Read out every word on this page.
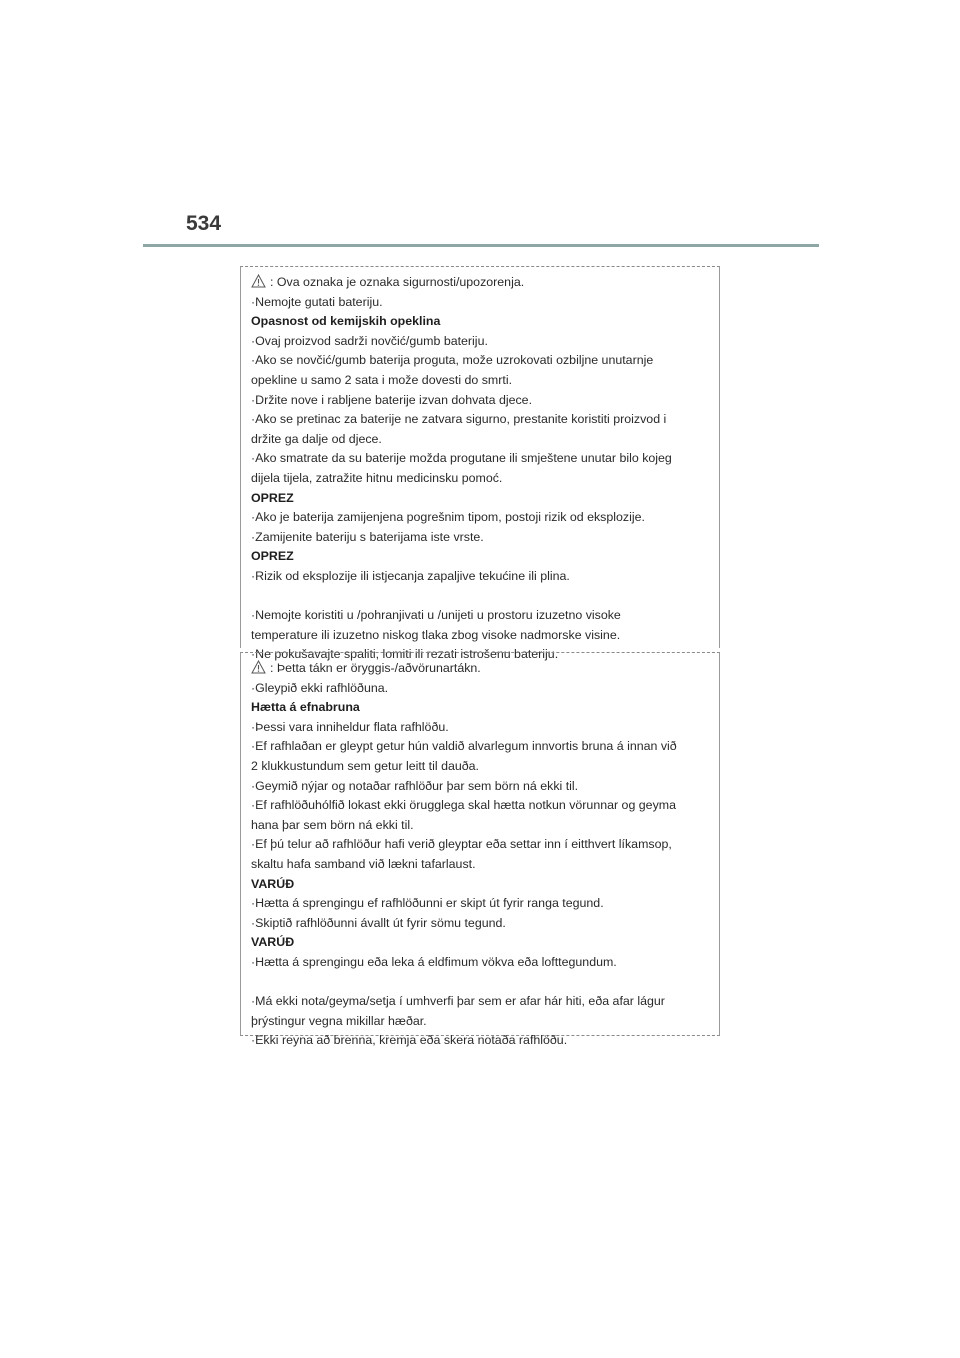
534
: Ova oznaka je oznaka sigurnosti/upozorenja.
·Nemojte gutati bateriju.
Opasnost od kemijskih opeklina
·Ovaj proizvod sadrži novčić/gumb bateriju.
·Ako se novčić/gumb baterija proguta, može uzrokovati ozbiljne unutarnje
opekline u samo 2 sata i može dovesti do smrti.
·Držite nove i rabljene baterije izvan dohvata djece.
·Ako se pretinac za baterije ne zatvara sigurno, prestanite koristiti proizvod i
držite ga dalje od djece.
·Ako smatrate da su baterije možda progutane ili smještene unutar bilo kojeg
dijela tijela, zatražite hitnu medicinsku pomoć.
OPREZ
·Ako je baterija zamijenjena pogrešnim tipom, postoji rizik od eksplozije.
·Zamijenite bateriju s baterijama iste vrste.
OPREZ
·Rizik od eksplozije ili istjecanja zapaljive tekućine ili plina.
·Nemojte koristiti u /pohranjivati u /unijeti u prostoru izuzetno visoke
temperature ili izuzetno niskog tlaka zbog visoke nadmorske visine.
·Ne pokušavajte spaliti, lomiti ili rezati istrošenu bateriju.
: Þetta tákn er öryggis-/aðvörunartákn.
·Gleypið ekki rafhlöðuna.
Hætta á efnabruna
·Þessi vara inniheldur flata rafhlöðu.
·Ef rafhlaðan er gleypt getur hún valdið alvarlegum innvortis bruna á innan við
2 klukkustundum sem getur leitt til dauða.
·Geymið nýjar og notaðar rafhlöður þar sem börn ná ekki til.
·Ef rafhlöðuhólfið lokast ekki örugglega skal hætta notkun vörunnar og geyma
hana þar sem börn ná ekki til.
·Ef þú telur að rafhlöður hafi verið gleyptar eða settar inn í eitthvert líkamsop,
skaltu hafa samband við lækni tafarlaust.
VARÚÐ
·Hætta á sprengingu ef rafhlöðunni er skipt út fyrir ranga tegund.
·Skiptið rafhlöðunni ávallt út fyrir sömu tegund.
VARÚÐ
·Hætta á sprengingu eða leka á eldfimum vökva eða lofttegundum.
·Má ekki nota/geyma/setja í umhverfi þar sem er afar hár hiti, eða afar lágur
þrýstingur vegna mikillar hæðar.
·Ekki reyna að brenna, kremja eða skera notaða rafhlöðu.
